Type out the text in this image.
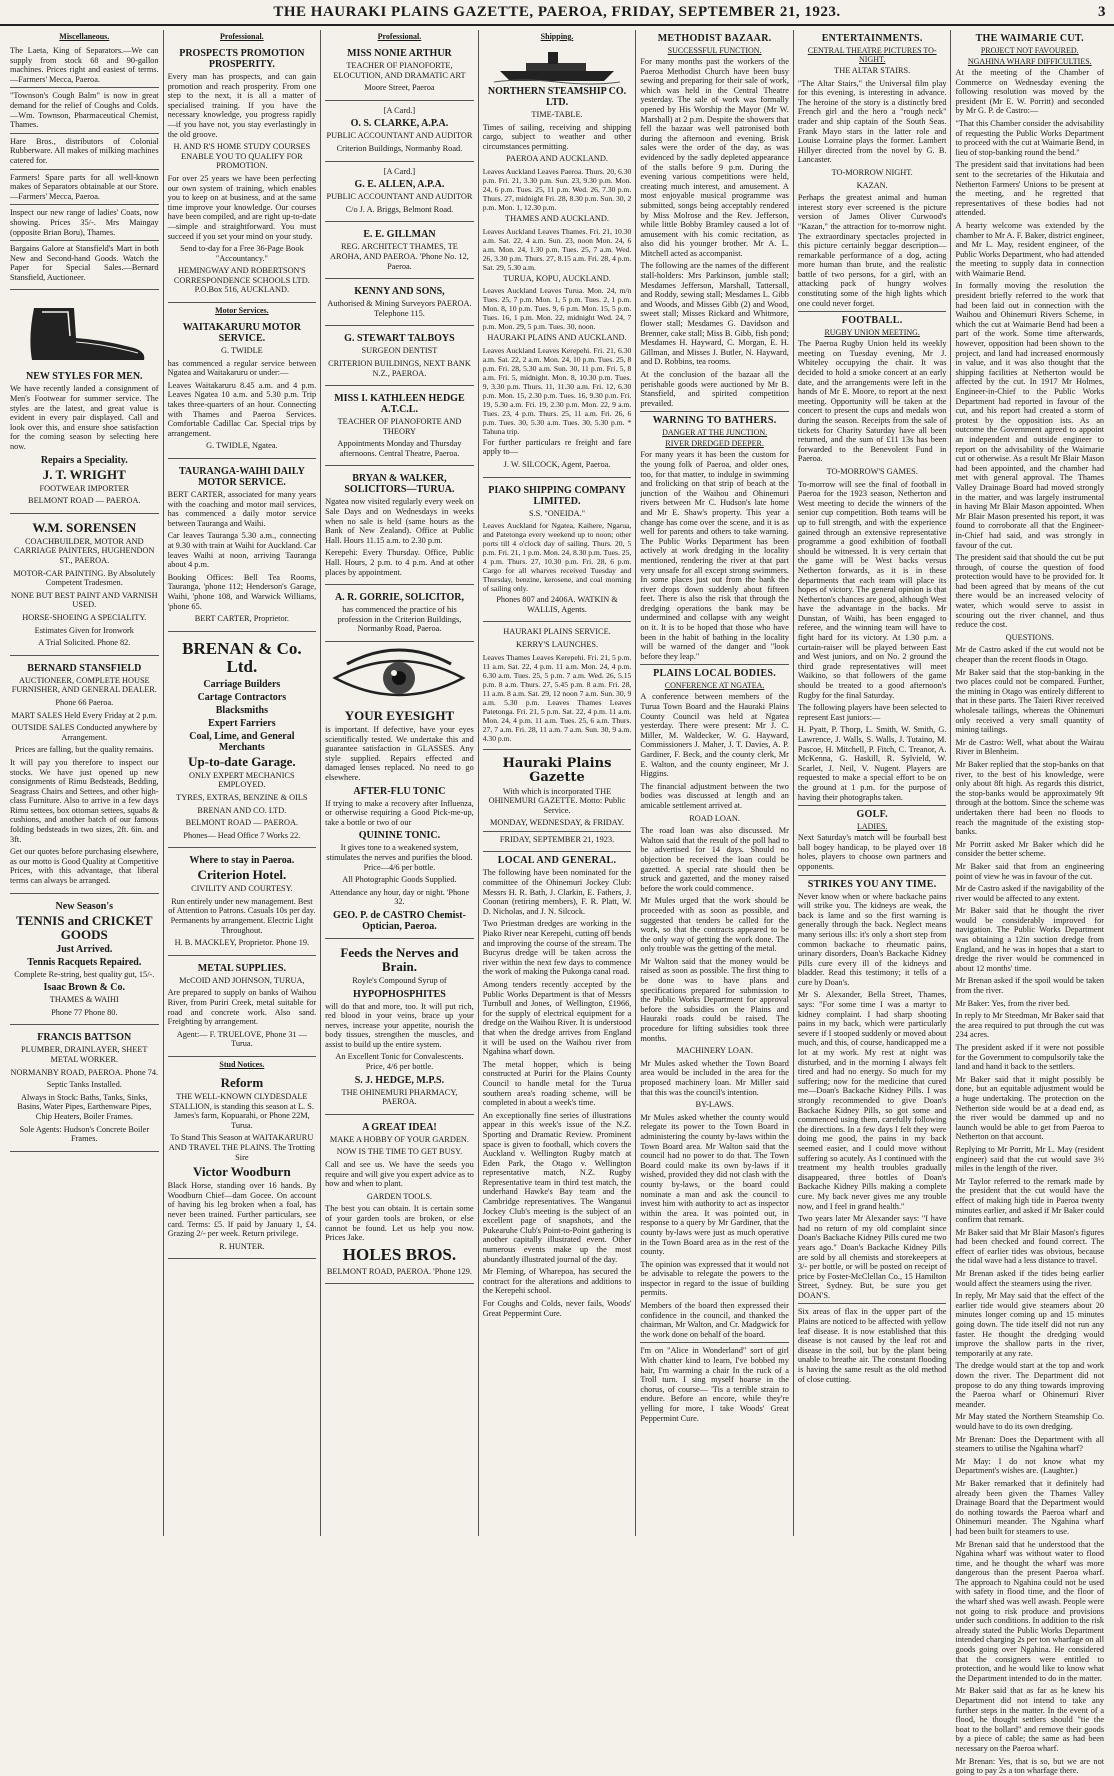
THE HAURAKI PLAINS GAZETTE, PAEROA, FRIDAY, SEPTEMBER 21, 1923.	3
Miscellaneous.

The Laeta, King of Separators.—We can supply from stock 68 and 90-gallon machines. Prices right and easiest of terms.—Farmers' Mecca, Paeroa.

"Townson's Cough Balm" is now in great demand for the relief of Coughs and Colds.—Wm. Townson, Pharmaceutical Chemist, Thames.

Hare Bros., distributors of Colonial Rubberware. All makes of milking machines catered for.

Farmers! Spare parts for all well-known makes of Separators obtainable at our Store.—Farmers' Mecca, Paeroa.

Inspect our new range of ladies' Coats, now showing. Prices 35/-. Mrs Maingay (opposite Brian Boru), Thames.

Bargains Galore at Stansfield's Mart in both New and Second-hand Goods. Watch the Paper for Special Sales.—Bernard Stansfield, Auctioneer.

NEW STYLES FOR MEN.

We have recently landed a consignment of Men's Footwear for summer service. The styles are the latest, and great value is evident in every pair displayed. Call and look over this, and ensure shoe satisfaction for the coming season by selecting here now.

Repairs a Speciality.
J. T. WRIGHT

FOOTWEAR IMPORTER

BELMONT ROAD — PAEROA.

W.M. SORENSEN

COACHBUILDER, MOTOR AND CARRIAGE PAINTERS, HUGHENDON ST., PAEROA.

MOTOR-CAR PAINTING. By Absolutely Competent Tradesmen.

NONE BUT BEST PAINT AND VARNISH USED.

HORSE-SHOEING A SPECIALITY.

Estimates Given for Ironwork

A Trial Solicited. Phone 82.

BERNARD STANSFIELD

AUCTIONEER, COMPLETE HOUSE FURNISHER, AND GENERAL DEALER.

Phone 66 Paeroa.

MART SALES Held Every Friday at 2 p.m.

OUTSIDE SALES Conducted anywhere by Arrangement.

Prices are falling, but the quality remains.

It will pay you therefore to inspect our stocks. We have just opened up new consignments of Rimu Bedsteads, Bedding, Seagrass Chairs and Settees, and other high-class Furniture. Also to arrive in a few days Rimu settees, box ottoman settees, squabs & cushions, and another batch of our famous folding bedsteads in two sizes, 2ft. 6in. and 3ft.

Get our quotes before purchasing elsewhere, as our motto is Good Quality at Competitive Prices, with this advantage, that liberal terms can always be arranged.

New Season's
TENNIS and CRICKET GOODS
Just Arrived.
Tennis Racquets Repaired.

Complete Re-string, best quality gut, 15/-.

Isaac Brown & Co.

THAMES & WAIHI

Phone 77 Phone 80.

FRANCIS BATTSON

PLUMBER, DRAINLAYER, SHEET METAL WORKER.

NORMANBY ROAD, PAEROA. Phone 74.

Septic Tanks Installed.

Always in Stock: Baths, Tanks, Sinks, Basins, Water Pipes, Earthenware Pipes, Chip Heaters, Boiler Frames.

Sole Agents: Hudson's Concrete Boiler Frames.

Professional.
PROSPECTS PROMOTION PROSPERITY.

Every man has prospects, and can gain promotion and reach prosperity. From one step to the next, it is all a matter of specialised training. If you have the necessary knowledge, you progress rapidly—if you have not, you stay everlastingly in the old groove.

H. AND R'S HOME STUDY COURSES ENABLE YOU TO QUALIFY FOR PROMOTION.

For over 25 years we have been perfecting our own system of training, which enables you to keep on at business, and at the same time improve your knowledge. Our courses have been compiled, and are right up-to-date—simple and straightforward. You must succeed if you set your mind on your study.

Send to-day for a Free 36-Page Book "Accountancy."

HEMINGWAY AND ROBERTSON'S CORRESPONDENCE SCHOOLS LTD. P.O.Box 516, AUCKLAND.

Motor Services.
WAITAKARURU MOTOR SERVICE.

G. TWIDLE

has commenced a regular service between Ngatea and Waitakaruru or under:—

Leaves Waitakaruru 8.45 a.m. and 4 p.m. Leaves Ngatea 10 a.m. and 5.30 p.m. Trip takes three-quarters of an hour. Connecting with Thames and Paeroa Services. Comfortable Cadillac Car. Special trips by arrangement.

G. TWIDLE, Ngatea.

TAURANGA-WAIHI DAILY MOTOR SERVICE.

BERT CARTER, associated for many years with the coaching and motor mail services, has commenced a daily motor service between Tauranga and Waihi.

Car leaves Tauranga 5.30 a.m., connecting at 9.30 with train at Waihi for Auckland. Car leaves Waihi at noon, arriving Tauranga about 4 p.m.

Booking Offices: Bell Tea Rooms, Tauranga, 'phone 112; Henderson's Garage, Waihi, 'phone 108, and Warwick Williams, 'phone 65.

BERT CARTER, Proprietor.

BRENAN & Co. Ltd.
Carriage Builders
Cartage Contractors
Blacksmiths
Expert Farriers
Coal, Lime, and General Merchants
Up-to-date Garage.

ONLY EXPERT MECHANICS EMPLOYED.

TYRES, EXTRAS, BENZINE & OILS

BRENAN AND CO. LTD.

BELMONT ROAD — PAEROA.

Phones— Head Office 7 Works 22.

Where to stay in Paeroa.
Criterion Hotel.

CIVILITY AND COURTESY.

Run entirely under new management. Best of Attention to Patrons. Casuals 10s per day. Permanents by arrangement. Electric Light Throughout.

H. B. MACKLEY, Proprietor. Phone 19.

METAL SUPPLIES.

McCOID AND JOHNSON, TURUA,

Are prepared to supply on banks of Waihou River, from Puriri Creek, metal suitable for road and concrete work. Also sand. Freighting by arrangement.

Agent:— F. TRUELOVE, Phone 31 — Turua.

Stud Notices.
Reform

THE WELL-KNOWN CLYDESDALE STALLION, is standing this season at L. S. James's farm, Kopuarahi, or Phone 22M, Turua.

To Stand This Season at WAITAKARURU AND TRAVEL THE PLAINS. The Trotting Sire

Victor Woodburn

Black Horse, standing over 16 hands. By Woodburn Chief—dam Gocee. On account of having his leg broken when a foal, has never been trained. Further particulars, see card. Terms: £5. If paid by January 1, £4. Grazing 2/- per week. Return privilege.

R. HUNTER.

Professional.
MISS NONIE ARTHUR

TEACHER OF PIANOFORTE, ELOCUTION, AND DRAMATIC ART

Moore Street, Paeroa

[A Card.]

O. S. CLARKE, A.P.A.

PUBLIC ACCOUNTANT AND AUDITOR

Criterion Buildings, Normanby Road.

[A Card.]

G. E. ALLEN, A.P.A.

PUBLIC ACCOUNTANT AND AUDITOR

C/o J. A. Briggs, Belmont Road.

E. E. GILLMAN

REG. ARCHITECT THAMES, TE AROHA, AND PAEROA. 'Phone No. 12, Paeroa.

KENNY AND SONS,

Authorised & Mining Surveyors PAEROA. Telephone 115.

G. STEWART TALBOYS

SURGEON DENTIST

CRITERION BUILDINGS, NEXT BANK N.Z., PAEROA.

MISS I. KATHLEEN HEDGE A.T.C.L.

TEACHER OF PIANOFORTE AND THEORY

Appointments Monday and Thursday afternoons. Central Theatre, Paeroa.

BRYAN & WALKER, SOLICITORS—TURUA.

Ngatea now visited regularly every week on Sale Days and on Wednesdays in weeks when no sale is held (same hours as the Bank of New Zealand). Office at Public Hall. Hours 11.15 a.m. to 2.30 p.m.

Kerepehi: Every Thursday. Office, Public Hall. Hours, 2 p.m. to 4 p.m. And at other places by appointment.

A. R. GORRIE, SOLICITOR,

has commenced the practice of his profession in the Criterion Buildings, Normanby Road, Paeroa.

YOUR EYESIGHT

is important. If defective, have your eyes scientifically tested. We undertake this and guarantee satisfaction in GLASSES. Any style supplied. Repairs effected and damaged lenses replaced. No need to go elsewhere.

AFTER-FLU TONIC

If trying to make a recovery after Influenza, or otherwise requiring a Good Pick-me-up, take a bottle or two of our

QUININE TONIC.

It gives tone to a weakened system, stimulates the nerves and purifies the blood. Price—4/6 per bottle.

All Photographic Goods Supplied.

Attendance any hour, day or night. 'Phone 32.

GEO. P. de CASTRO Chemist-Optician, Paeroa.
Feeds the Nerves and Brain.

Royle's Compound Syrup of

HYPOPHOSPHITES

will do that and more, too. It will put rich, red blood in your veins, brace up your nerves, increase your appetite, nourish the body tissues, strengthen the muscles, and assist to build up the entire system.

An Excellent Tonic for Convalescents. Price, 4/6 per bottle.

S. J. HEDGE, M.P.S.

THE OHINEMURI PHARMACY, PAEROA.

A GREAT IDEA!

MAKE A HOBBY OF YOUR GARDEN.

NOW IS THE TIME TO GET BUSY.

Call and see us. We have the seeds you require and will give you expert advice as to how and when to plant.

GARDEN TOOLS.

The best you can obtain. It is certain some of your garden tools are broken, or else cannot be found. Let us help you now. Prices Jake.

HOLES BROS.

BELMONT ROAD, PAEROA. 'Phone 129.

Shipping.
NORTHERN STEAMSHIP CO. LTD.

TIME-TABLE.

Times of sailing, receiving and shipping cargo, subject to weather and other circumstances permitting.

PAEROA AND AUCKLAND.

Leaves Auckland Leaves Paeroa. Thurs. 20, 6.30 p.m. Fri. 21, 3.30 p.m. Sun. 23, 9.30 p.m. Mon. 24, 6 p.m. Tues. 25, 11 p.m. Wed. 26, 7.30 p.m. Thurs. 27, midnight Fri. 28, 8.30 p.m. Sun. 30, 2 p.m. Mon. 1, 12.30 p.m.

THAMES AND AUCKLAND.

Leaves Auckland Leaves Thames. Fri. 21, 10.30 a.m. Sat. 22, 4 a.m. Sun. 23, noon Mon. 24, 6 a.m. Mon. 24, 1.30 p.m. Tues. 25, 7 a.m. Wed. 26, 3.30 p.m. Thurs. 27, 8.15 a.m. Fri. 28, 4 p.m. Sat. 29, 5.30 a.m.

TURUA, KOPU, AUCKLAND.

Leaves Auckland Leaves Turua. Mon. 24, m/n Tues. 25, 7 p.m. Mon. 1, 5 p.m. Tues. 2, 1 p.m. Mon. 8, 10 p.m. Tues. 9, 6 p.m. Mon. 15, 5 p.m. Tues. 16, 1 p.m. Mon. 22, midnight Wed. 24, 7 p.m. Mon. 29, 5 p.m. Tues. 30, noon.

HAURAKI PLAINS AND AUCKLAND.

Leaves Auckland Leaves Kerepehi. Fri. 21, 6.30 a.m. Sat. 22, 2 a.m. Mon. 24, 10 p.m. Tues. 25, 8 p.m. Fri. 28, 5.30 a.m. Sun. 30, 11 p.m. Fri. 5, 8 a.m. Fri. 5, midnight. Mon. 8, 10.30 p.m. Tues. 9, 3.30 p.m. Thurs. 11, 11.30 a.m. Fri. 12, 6.30 p.m. Mon. 15, 2.30 p.m. Tues. 16, 9.30 p.m. Fri. 19, 5.30 a.m. Fri. 19, 2.30 p.m. Mon. 22, 9 a.m. Tues. 23, 4 p.m. Thurs. 25, 11 a.m. Fri. 26, 6 p.m. Tues. 30, 5.30 a.m. Tues. 30, 5.30 p.m. * Tahuna trip.

For further particulars re freight and fare apply to—

J. W. SILCOCK, Agent, Paeroa.

PIAKO SHIPPING COMPANY LIMITED.

S.S. "ONEIDA."

Leaves Auckland for Ngatea, Kaihere, Ngarua, and Patetonga every weekend up to noon; other ports till 4 o'clock day of sailing. Thurs. 20, 5 p.m. Fri. 21, 1 p.m. Mon. 24, 8.30 p.m. Tues. 25, 4 p.m. Thurs. 27, 10.30 p.m. Fri. 28, 6 p.m. Cargo for all wharves received Tuesday and Thursday, benzine, kerosene, and coal morning of sailing only.

Phones 807 and 2406A. WATKIN & WALLIS, Agents.

HAURAKI PLAINS SERVICE.

KERRY'S LAUNCHES.

Leaves Thames Leaves Kerepehi. Fri. 21, 5 p.m. 11 a.m. Sat. 22, 4 p.m. 11 a.m. Mon. 24, 4 p.m. 6.30 a.m. Tues. 25, 5 p.m. 7 a.m. Wed. 26, 5.15 p.m. 8 a.m. Thurs. 27, 5.45 p.m. 8 a.m. Fri. 28, 11 a.m. 8 a.m. Sat. 29, 12 noon 7 a.m. Sun. 30, 9 a.m. 5.30 p.m. Leaves Thames Leaves Patetonga. Fri. 21, 5 p.m. Sat. 22, 4 p.m. 11 a.m. Mon. 24, 4 p.m. 11 a.m. Tues. 25, 6 a.m. Thurs. 27, 7 a.m. Fri. 28, 11 a.m. 7 a.m. Sun. 30, 9 a.m. 4.30 p.m.

Hauraki Plains Gazette

With which is incorporated THE OHINEMURI GAZETTE. Motto: Public Service.

MONDAY, WEDNESDAY, & FRIDAY.

FRIDAY, SEPTEMBER 21, 1923.

LOCAL AND GENERAL.

The following have been nominated for the committee of the Ohinemuri Jockey Club: Messrs H. R. Bath, J. Clarkin, E. Fathers, J. Coonan (retiring members), F. R. Platt, W. D. Nicholas, and J. N. Silcock.

Two Priestman dredges are working in the Piako River near Kerepehi, cutting off bends and improving the course of the stream. The Bucyrus dredge will be taken across the river within the next few days to commence the work of making the Pukonga canal road.

Among tenders recently accepted by the Public Works Department is that of Messrs Turnbull and Jones, of Wellington, £1966, for the supply of electrical equipment for a dredge on the Waihou River. It is understood that when the dredge arrives from England it will be used on the Waihou river from Ngahina wharf down.

The metal hopper, which is being constructed at Puriri for the Plains County Council to handle metal for the Turua southern area's roading scheme, will be completed in about a week's time.

An exceptionally fine series of illustrations appear in this week's issue of the N.Z. Sporting and Dramatic Review. Prominent space is given to football, which covers the Auckland v. Wellington Rugby match at Eden Park, the Otago v. Wellington representative match, N.Z. Rugby Representative team in third test match, the underhand Hawke's Bay team and the Cambridge representatives. The Wanganui Jockey Club's meeting is the subject of an excellent page of snapshots, and the Pukearuhe Club's Point-to-Point gathering is another capitally illustrated event. Other numerous events make up the most abundantly illustrated journal of the day.

Mr Fleming, of Wharepoa, has secured the contract for the alterations and additions to the Kerepehi school.

For Coughs and Colds, never fails, Woods' Great Peppermint Cure.

METHODIST BAZAAR.
SUCCESSFUL FUNCTION.

For many months past the workers of the Paeroa Methodist Church have been busy sewing and preparing for their sale of work, which was held in the Central Theatre yesterday. The sale of work was formally opened by His Worship the Mayor (Mr W. Marshall) at 2 p.m. Despite the showers that fell the bazaar was well patronised both during the afternoon and evening. Brisk sales were the order of the day, as was evidenced by the sadly depleted appearance of the stalls before 9 p.m. During the evening various competitions were held, creating much interest, and amusement. A most enjoyable musical programme was submitted, songs being acceptably rendered by Miss Molrose and the Rev. Jefferson, while little Bobby Bramley caused a lot of amusement with his comic recitation, as also did his younger brother. Mr A. L. Mitchell acted as accompanist.

The following are the names of the different stall-holders: Mrs Parkinson, jumble stall; Mesdames Jefferson, Marshall, Tattersall, and Roddy, sewing stall; Mesdames L. Gibb and Woods, and Misses Gibb (2) and Wood, sweet stall; Misses Rickard and Whitmore, flower stall; Mesdames G. Davidson and Brenner, cake stall; Miss B. Gibb, fish pond; Mesdames H. Hayward, C. Morgan, E. H. Gillman, and Misses J. Butler, N. Hayward, and D. Robbins, tea rooms.

At the conclusion of the bazaar all the perishable goods were auctioned by Mr B. Stansfield, and spirited competition prevailed.

WARNING TO BATHERS.
DANGER AT THE JUNCTION.
RIVER DREDGED DEEPER.

For many years it has been the custom for the young folk of Paeroa, and older ones, too, for that matter, to indulge in swimming and frolicking on that strip of beach at the junction of the Waihou and Ohinemuri rivers between Mr C. Hudson's late home and Mr E. Shaw's property. This year a change has come over the scene, and it is as well for parents and others to take warning. The Public Works Department has been actively at work dredging in the locality mentioned, rendering the river at that part very unsafe for all except strong swimmers. In some places just out from the bank the river drops down suddenly about fifteen feet. There is also the risk that through the dredging operations the bank may be undermined and collapse with any weight on it. It is to be hoped that those who have been in the habit of bathing in the locality will be warned of the danger and "look before they leap."

PLAINS LOCAL BODIES.
CONFERENCE AT NGATEA.

A conference between members of the Turua Town Board and the Hauraki Plains County Council was held at Ngatea yesterday. There were present: Mr J. C. Miller, M. Waldecker, W. G. Hayward, Commissioners J. Maher, J. T. Davies, A. P. Gardiner, F. Beck, and the county clerk, Mr E. Walton, and the county engineer, Mr J. Higgins.

The financial adjustment between the two bodies was discussed at length and an amicable settlement arrived at.

ROAD LOAN.

The road loan was also discussed. Mr Walton said that the result of the poll had to be advertised for 14 days. Should no objection be received the loan could be gazetted. A special rate should then be struck and gazetted, and the money raised before the work could commence.

Mr Mules urged that the work should be proceeded with as soon as possible, and suggested that tenders be called for the work, so that the contracts appeared to be the only way of getting the work done. The only trouble was the getting of the metal.

Mr Walton said that the money would be raised as soon as possible. The first thing to be done was to have plans and specifications prepared for submission to the Public Works Department for approval before the subsidies on the Plains and Hauraki roads could be raised. The procedure for lifting subsidies took three months.

MACHINERY LOAN.

Mr Mules asked whether the Town Board area would be included in the area for the proposed machinery loan. Mr Miller said that this was the council's intention.

BY-LAWS.

Mr Mules asked whether the county would relegate its power to the Town Board in administering the county by-laws within the Town Board area. Mr Walton said that the council had no power to do that. The Town Board could make its own by-laws if it wished, provided they did not clash with the county by-laws, or the board could nominate a man and ask the council to invest him with authority to act as inspector within the area. It was pointed out, in response to a query by Mr Gardiner, that the county by-laws were just as much operative in the Town Board area as in the rest of the county.

The opinion was expressed that it would not be advisable to relegate the powers to the inspector in regard to the issue of building permits.

Members of the board then expressed their confidence in the council, and thanked the chairman, Mr Walton, and Cr. Madgwick for the work done on behalf of the board.

I'm on "Alice in Wonderland" sort of girl With chatter kind to learn, I've bobbed my hair, I'm warming a chair In the ruck of a Troll turn. I sing myself hoarse in the chorus, of course— 'Tis a terrible strain to endure. Before an encore, while they're yelling for more, I take Woods' Great Peppermint Cure.

ENTERTAINMENTS.
CENTRAL THEATRE PICTURES TO-NIGHT.

THE ALTAR STAIRS.

"The Altar Stairs," the Universal film play for this evening, is interesting in advance. The heroine of the story is a distinctly bred French girl and the hero a "rough neck" trader and ship captain of the South Seas. Frank Mayo stars in the latter role and Louise Lorraine plays the former. Lambert Hillyer directed from the novel by G. B. Lancaster.

TO-MORROW NIGHT.

KAZAN.

Perhaps the greatest animal and human interest story ever screened is the picture version of James Oliver Curwood's "Kazan," the attraction for to-morrow night. The extraordinary spectacles projected in this picture certainly beggar description—remarkable performance of a dog, acting more human than brute, and the realistic battle of two persons, for a girl, with an attacking pack of hungry wolves constituting some of the high lights which one could never forget.

FOOTBALL.
RUGBY UNION MEETING.

The Paeroa Rugby Union held its weekly meeting on Tuesday evening, Mr J. Whiteley occupying the chair. It was decided to hold a smoke concert at an early date, and the arrangements were left in the hands of Mr E. Moore, to report at the next meeting. Opportunity will be taken at the concert to present the cups and medals won during the season. Receipts from the sale of tickets for Charity Saturday have all been returned, and the sum of £11 13s has been forwarded to the Benevolent Fund in Paeroa.

TO-MORROW'S GAMES.

To-morrow will see the final of football in Paeroa for the 1923 season, Netherton and West meeting to decide the winners of the senior cup competition. Both teams will be up to full strength, and with the experience gained through an extensive representative programme a good exhibition of football should be witnessed. It is very certain that the game will be West backs versus Netherton forwards, as it is in these departments that each team will place its hopes of victory. The general opinion is that Netherton's chances are good, although West have the advantage in the backs. Mr Dunstan, of Waihi, has been engaged to referee, and the winning team will have to fight hard for its victory. At 1.30 p.m. a curtain-raiser will be played between East and West juniors, and on No. 2 ground the third grade representatives will meet Waikino, so that followers of the game should be treated to a good afternoon's Rugby for the final Saturday.

The following players have been selected to represent East juniors:—

H. Pyatt, P. Thorp, L. Smith, W. Smith, G. Lawrence, J. Walls, S. Walls, J. Tutaino, M. Pascoe, H. Mitchell, P. Fitch, C. Treanor, A. McKenna, G. Haskill, R. Sylvield, W. Scarlet, J. Neil, V. Nugent. Players are requested to make a special effort to be on the ground at 1 p.m. for the purpose of having their photographs taken.

GOLF.
LADIES.

Next Saturday's match will be fourball best ball bogey handicap, to be played over 18 holes, players to choose own partners and opponents.

STRIKES YOU ANY TIME.

Never know when or where backache pains will strike you. The kidneys are weak, the back is lame and so the first warning is generally through the back. Neglect means many serious ills: it's only a short step from common backache to rheumatic pains, urinary disorders, Doan's Backache Kidney Pills cure every ill of the kidneys and bladder. Read this testimony; it tells of a cure by Doan's.

Mr S. Alexander, Bella Street, Thames, says: "For some time I was a martyr to kidney complaint. I had sharp shooting pains in my back, which were particularly severe if I stooped suddenly or moved about much, and this, of course, handicapped me a lot at my work. My rest at night was disturbed, and in the morning I always felt tired and had no energy. So much for my suffering; now for the medicine that cured me—Doan's Backache Kidney Pills. I was strongly recommended to give Doan's Backache Kidney Pills, so got some and commenced using them, carefully following the directions. In a few days I felt they were doing me good, the pains in my back seemed easier, and I could move without suffering so acutely. As I continued with the treatment my health troubles gradually disappeared, three bottles of Doan's Backache Kidney Pills making a complete cure. My back never gives me any trouble now, and I feel in grand health."

Two years later Mr Alexander says: "I have had no return of my old complaint since Doan's Backache Kidney Pills cured me two years ago." Doan's Backache Kidney Pills are sold by all chemists and storekeepers at 3/- per bottle, or will be posted on receipt of price by Foster-McClellan Co., 15 Hamilton Street, Sydney. But, be sure you get DOAN'S.

Six areas of flax in the upper part of the Plains are noticed to be affected with yellow leaf disease. It is now established that this disease is not caused by the leaf rot and disease in the soil, but by the plant being unable to breathe air. The constant flooding is having the same result as the old method of close cutting.

THE WAIMARIE CUT.
PROJECT NOT FAVOURED.
NGAHINA WHARF DIFFICULTIES.

At the meeting of the Chamber of Commerce on Wednesday evening the following resolution was moved by the president (Mr E. W. Porritt) and seconded by Mr G. P. de Castro:—

"That this Chamber consider the advisability of requesting the Public Works Department to proceed with the cut at Waimarie Bend, in lieu of stop-banking round the bend."

The president said that invitations had been sent to the secretaries of the Hikutaia and Netherton Farmers' Unions to be present at the meeting, and he regretted that representatives of these bodies had not attended.

A hearty welcome was extended by the chamber to Mr A. F. Baker, district engineer, and Mr L. May, resident engineer, of the Public Works Department, who had attended the meeting to supply data in connection with Waimarie Bend.

In formally moving the resolution the president briefly referred to the work that had been laid out in connection with the Waihou and Ohinemuri Rivers Scheme, in which the cut at Waimarie Bend had been a part of the work. Some time afterwards, however, opposition had been shown to the project, and land had increased enormously in value, and it was also thought that the shipping facilities at Netherton would be affected by the cut. In 1917 Mr Holmes, Engineer-in-Chief to the Public Works Department had reported in favour of the cut, and his report had created a storm of protest by the opposition ists. As an outcome the Government agreed to appoint an independent and outside engineer to report on the advisability of the Waimarie cut or otherwise. As a result Mr Blair Mason had been appointed, and the chamber had met with general approval. The Thames Valley Drainage Board had moved strongly in the matter, and was largely instrumental in having Mr Blair Mason appointed. When Mr Blair Mason presented his report, it was found to corroborate all that the Engineer-in-Chief had said, and was strongly in favour of the cut.

The president said that should the cut be put through, of course the question of food protection would have to be provided for. It had been agreed that by means of the cut there would be an increased velocity of water, which would serve to assist in scouring out the river channel, and thus reduce the cost.

QUESTIONS.

Mr de Castro asked if the cut would not be cheaper than the recent floods in Otago.

Mr Baker said that the stop-banking in the two places could not be compared. Further, the mining in Otago was entirely different to that in these parts. The Taieri River received wholesale tailings, whereas the Ohinemuri only received a very small quantity of mining tailings.

Mr de Castro: Well, what about the Wairau River in Blenheim.

Mr Baker replied that the stop-banks on that river, to the best of his knowledge, were only about 8ft high. As regards this district, the stop-banks would be approximately 9ft through at the bottom. Since the scheme was undertaken there had been no floods to reach the magnitude of the existing stop-banks.

Mr Porritt asked Mr Baker which did he consider the better scheme.

Mr Baker said that from an engineering point of view he was in favour of the cut.

Mr de Castro asked if the navigability of the river would be affected to any extent.

Mr Baker said that he thought the river would be considerably improved for navigation. The Public Works Department was obtaining a 12in suction dredge from England, and he was in hopes that a start to dredge the river would be commenced in about 12 months' time.

Mr Brenan asked if the spoil would be taken from the river.

Mr Baker: Yes, from the river bed.

In reply to Mr Steedman, Mr Baker said that the area required to put through the cut was 234 acres.

The president asked if it were not possible for the Government to compulsorily take the land and hand it back to the settlers.

Mr Baker said that it might possibly be done, but an equitable adjustment would be a huge undertaking. The protection on the Netherton side would be at a dead end, as the river would be dammed up and no launch would be able to get from Paeroa to Netherton on that account.

Replying to Mr Porritt, Mr L. May (resident engineer) said that the cut would save 3½ miles in the length of the river.

Mr Taylor referred to the remark made by the president that the cut would have the effect of making high tide in Paeroa twenty minutes earlier, and asked if Mr Baker could confirm that remark.

Mr Baker said that Mr Blair Mason's figures had been checked and found correct. The effect of earlier tides was obvious, because the tidal wave had a less distance to travel.

Mr Brenan asked if the tides being earlier would affect the steamers using the river.

In reply, Mr May said that the effect of the earlier tide would give steamers about 20 minutes longer coming up and 15 minutes going down. The tide itself did not run any faster. He thought the dredging would improve the shallow parts in the river, temporarily at any rate.

The dredge would start at the top and work down the river. The Department did not propose to do any thing towards improving the Paeroa wharf or Ohinemuri River meander.

Mr May stated the Northern Steamship Co. would have to do its own dredging.

Mr Brenan: Does the Department with all steamers to utilise the Ngahina wharf?

Mr May: I do not know what my Department's wishes are. (Laughter.)

Mr Baker remarked that it definitely had already been given the Thames Valley Drainage Board that the Department would do nothing towards the Paeroa wharf and Ohinemuri meander. The Ngahina wharf had been built for steamers to use.

Mr Brenan said that he understood that the Ngahina wharf was without water to flood time, and he thought the wharf was more dangerous than the present Paeroa wharf. The approach to Ngahina could not be used with safety in flood time, and the floor of the wharf shed was well awash. People were not going to risk produce and provisions under such conditions. In addition to the risk already stated the Public Works Department intended charging 2s per ton wharfage on all goods going over Ngahina. He considered that the consigners were entitled to protection, and he would like to know what the Department intended to do in the matter.

Mr Baker said that as far as he knew his Department did not intend to take any further steps in the matter. In the event of a flood, he thought settlers should "tie the boat to the bollard" and remove their goods by a piece of cable; the same as had been necessary on the Paeroa wharf.

Mr Brenan: Yes, that is so, but we are not going to pay 2s a ton wharfage there.
